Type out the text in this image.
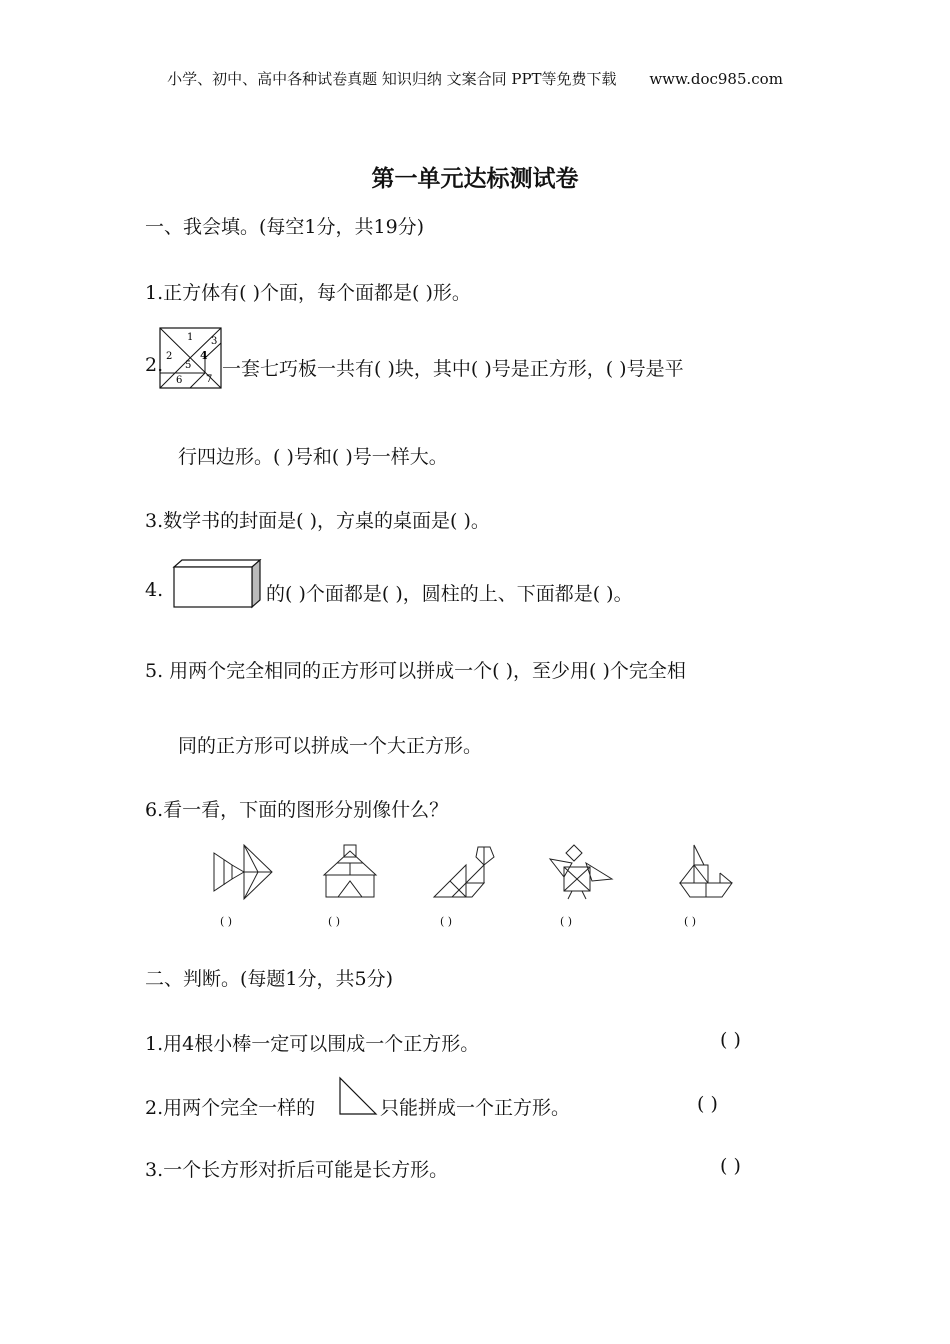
小学、初中、高中各种试卷真题 知识归纳 文案合同 PPT等免费下载 www.doc985.com
第一单元达标测试卷
一、我会填。(每空1分，共19分)
1.正方体有( )个面，每个面都是( )形。
2.
1
2
3
4
5
6 7 一套七巧板一共有( )块，其中( )号是正方形，( )号是平
行四边形。( )号和( )号一样大。
3.数学书的封面是( )，方桌的桌面是( )。
4.	的( )个面都是( )，圆柱的上、下面都是( )。
5. 用两个完全相同的正方形可以拼成一个( )，至少用( )个完全相
同的正方形可以拼成一个大正方形。
6.看一看，下面的图形分别像什么？
( )	( )	( )	( )	( )
二、判断。(每题1分，共5分)
1.用4根小棒一定可以围成一个正方形。	( )
2.用两个完全一样的	只能拼成一个正方形。	( )
3.一个长方形对折后可能是长方形。	( )
